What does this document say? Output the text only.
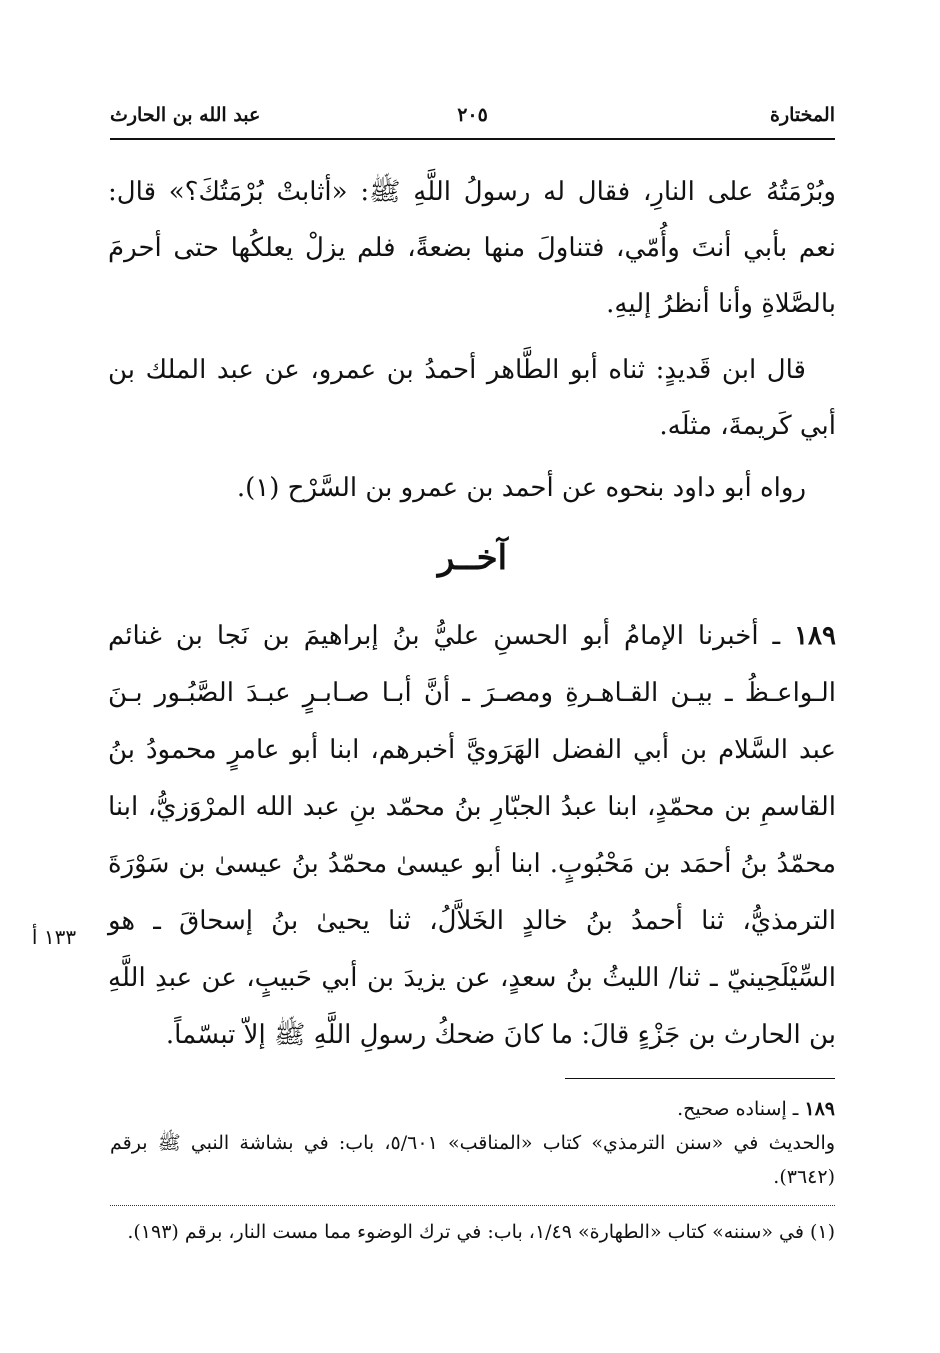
المختارة
٢٠٥
عبد الله بن الحارث

وبُرْمَتُهُ على النارِ، فقال له رسولُ اللَّهِ ﷺ: «أثابتْ بُرْمَتُكَ؟» قال: نعم بأبي أنتَ وأُمّي، فتناولَ منها بضعةً، فلم يزلْ يعلكُها حتى أحرمَ بالصَّلاةِ وأنا أنظرُ إليهِ.

قال ابن قَديدٍ: ثناه أبو الطَّاهر أحمدُ بن عمرو، عن عبد الملك بن أبي كَريمةَ، مثلَه.

رواه أبو داود بنحوه عن أحمد بن عمرو بن السَّرْح (١).

آخــر

١٨٩ ـ أخبرنا الإمامُ أبو الحسنِ عليُّ بنُ إبراهيمَ بن نَجا بن غنائم الـواعـظُ ـ بيـن القـاهـرةِ ومصـرَ ـ أنَّ أبـا صـابـرٍ عبـدَ الصَّبُـور بـنَ عبد السَّلام بن أبي الفضل الهَرَويَّ أخبرهم، ابنا أبو عامرٍ محمودُ بنُ القاسمِ بن محمّدٍ، ابنا عبدُ الجبّارِ بنُ محمّد بنِ عبد الله المرْوَزيُّ، ابنا محمّدُ بنُ أحمَد بن مَحْبُوبٍ. ابنا أبو عيسىٰ محمّدُ بنُ عيسىٰ بن سَوْرَةَ الترمذيُّ، ثنا أحمدُ بنُ خالدٍ الخَلاَّلُ، ثنا يحيىٰ بنُ إسحاقَ ـ هو السِّيْلَحِينيّ ـ ثنا/ الليثُ بنُ سعدٍ، عن يزيدَ بن أبي حَبيبٍ، عن عبدِ اللَّهِ بن الحارث بن جَزْءٍ قالَ: ما كانَ ضحكُ رسولِ اللَّهِ ﷺ إلاّ تبسّماً.

١٣٣ أ
١٨٩ ـ إسناده صحيح.
والحديث في «سنن الترمذي» كتاب «المناقب» ٥/٦٠١، باب: في بشاشة النبي ﷺ برقم (٣٦٤٢).
(١) في «سننه» كتاب «الطهارة» ١/٤٩، باب: في ترك الوضوء مما مست النار، برقم (١٩٣).
